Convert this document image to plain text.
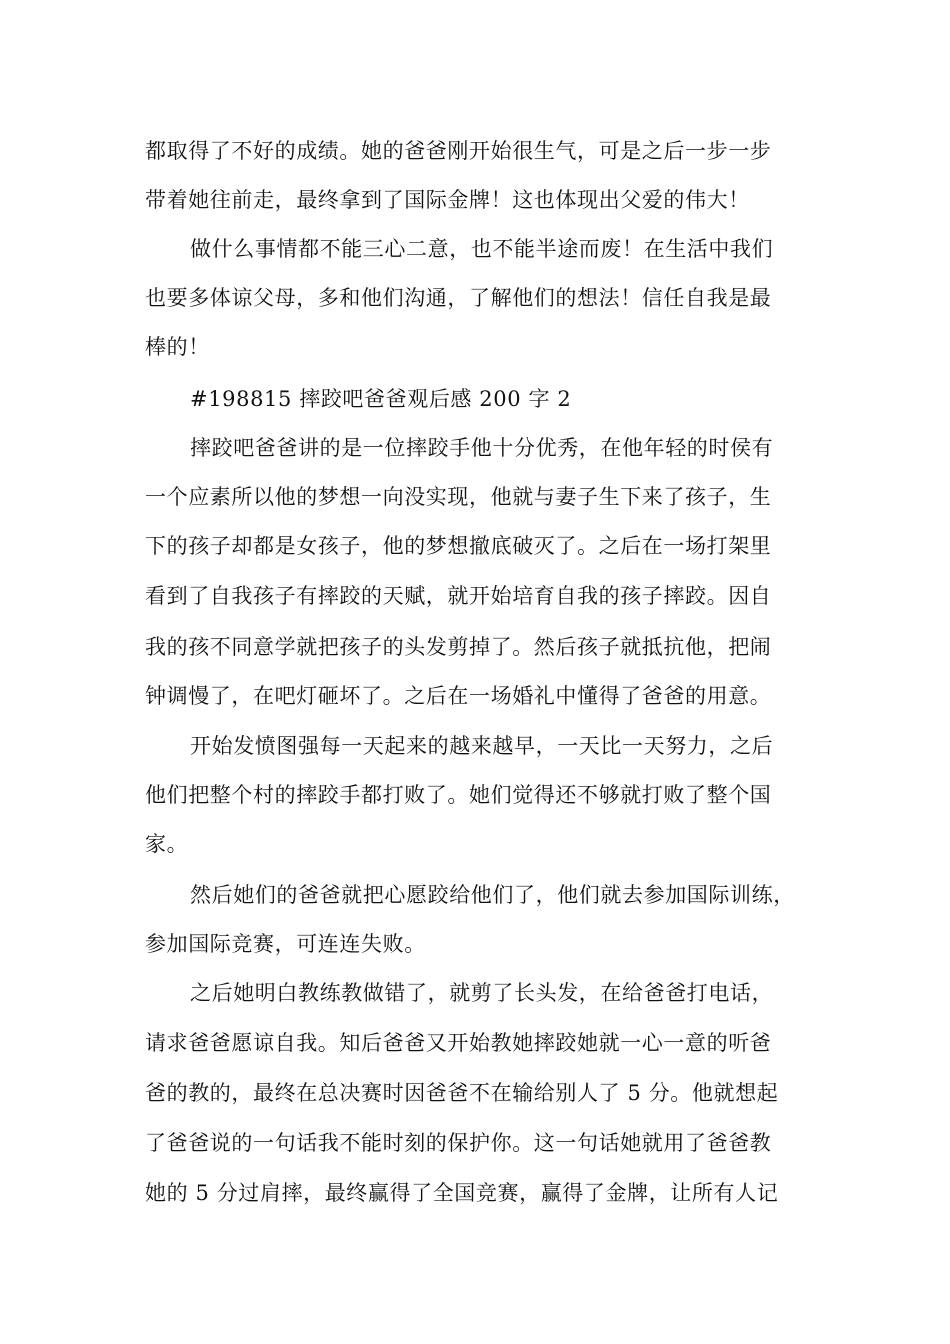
都取得了不好的成绩。她的爸爸刚开始很生气，可是之后一步一步
带着她往前走，最终拿到了国际金牌！这也体现出父爱的伟大！
做什么事情都不能三心二意，也不能半途而废！在生活中我们
也要多体谅父母，多和他们沟通，了解他们的想法！信任自我是最
棒的！
#198815 摔跤吧爸爸观后感 200 字 2
摔跤吧爸爸讲的是一位摔跤手他十分优秀，在他年轻的时侯有
一个应素所以他的梦想一向没实现，他就与妻子生下来了孩子，生
下的孩子却都是女孩子，他的梦想撤底破灭了。之后在一场打架里
看到了自我孩子有摔跤的天赋，就开始培育自我的孩子摔跤。因自
我的孩不同意学就把孩子的头发剪掉了。然后孩子就抵抗他，把闹
钟调慢了，在吧灯砸坏了。之后在一场婚礼中懂得了爸爸的用意。
开始发愤图强每一天起来的越来越早，一天比一天努力，之后
他们把整个村的摔跤手都打败了。她们觉得还不够就打败了整个国
家。
然后她们的爸爸就把心愿跤给他们了，他们就去参加国际训练，
参加国际竞赛，可连连失败。
之后她明白教练教做错了，就剪了长头发，在给爸爸打电话，
请求爸爸愿谅自我。知后爸爸又开始教她摔跤她就一心一意的听爸
爸的教的，最终在总决赛时因爸爸不在输给别人了 5 分。他就想起
了爸爸说的一句话我不能时刻的保护你。这一句话她就用了爸爸教
她的 5 分过肩摔，最终赢得了全国竞赛，赢得了金牌，让所有人记
